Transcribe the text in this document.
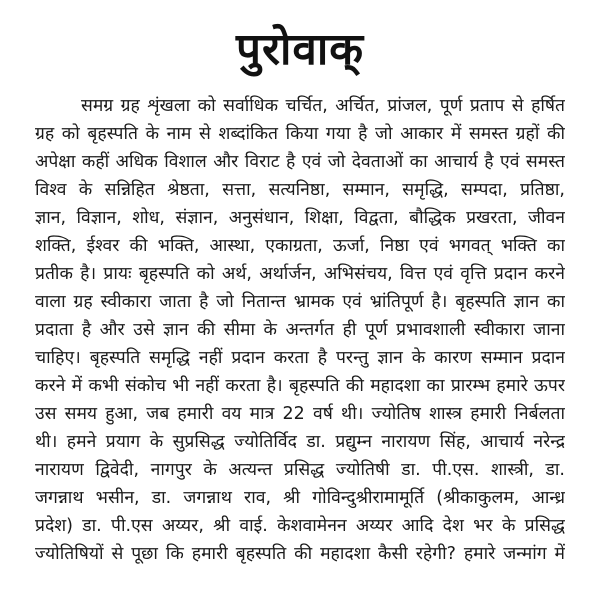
पुरोवाक्
समग्र ग्रह शृंखला को सर्वाधिक चर्चित, अर्चित, प्रांजल, पूर्ण प्रताप से हर्षित
ग्रह को बृहस्पति के नाम से शब्दांकित किया गया है जो आकार में समस्त ग्रहों की
अपेक्षा कहीं अधिक विशाल और विराट है एवं जो देवताओं का आचार्य है एवं समस्त
विश्व के सन्निहित श्रेष्ठता, सत्ता, सत्यनिष्ठा, सम्मान, समृद्धि, सम्पदा, प्रतिष्ठा,
ज्ञान, विज्ञान, शोध, संज्ञान, अनुसंधान, शिक्षा, विद्वता, बौद्धिक प्रखरता, जीवन
शक्ति, ईश्वर की भक्ति, आस्था, एकाग्रता, ऊर्जा, निष्ठा एवं भगवत् भक्ति का
प्रतीक है। प्रायः बृहस्पति को अर्थ, अर्थार्जन, अभिसंचय, वित्त एवं वृत्ति प्रदान करने
वाला ग्रह स्वीकारा जाता है जो नितान्त भ्रामक एवं भ्रांतिपूर्ण है। बृहस्पति ज्ञान का
प्रदाता है और उसे ज्ञान की सीमा के अन्तर्गत ही पूर्ण प्रभावशाली स्वीकारा जाना
चाहिए। बृहस्पति समृद्धि नहीं प्रदान करता है परन्तु ज्ञान के कारण सम्मान प्रदान
करने में कभी संकोच भी नहीं करता है। बृहस्पति की महादशा का प्रारम्भ हमारे ऊपर
उस समय हुआ, जब हमारी वय मात्र 22 वर्ष थी। ज्योतिष शास्त्र हमारी निर्बलता
थी। हमने प्रयाग के सुप्रसिद्ध ज्योतिर्विद डा. प्रद्युम्न नारायण सिंह, आचार्य नरेन्द्र
नारायण द्विवेदी, नागपुर के अत्यन्त प्रसिद्ध ज्योतिषी डा. पी.एस. शास्त्री, डा.
जगन्नाथ भसीन, डा. जगन्नाथ राव, श्री गोविन्दुश्रीरामामूर्ति (श्रीकाकुलम, आन्ध्र
प्रदेश) डा. पी.एस अय्यर, श्री वाई. केशवामेनन अय्यर आदि देश भर के प्रसिद्ध
ज्योतिषियों से पूछा कि हमारी बृहस्पति की महादशा कैसी रहेगी? हमारे जन्मांग में
